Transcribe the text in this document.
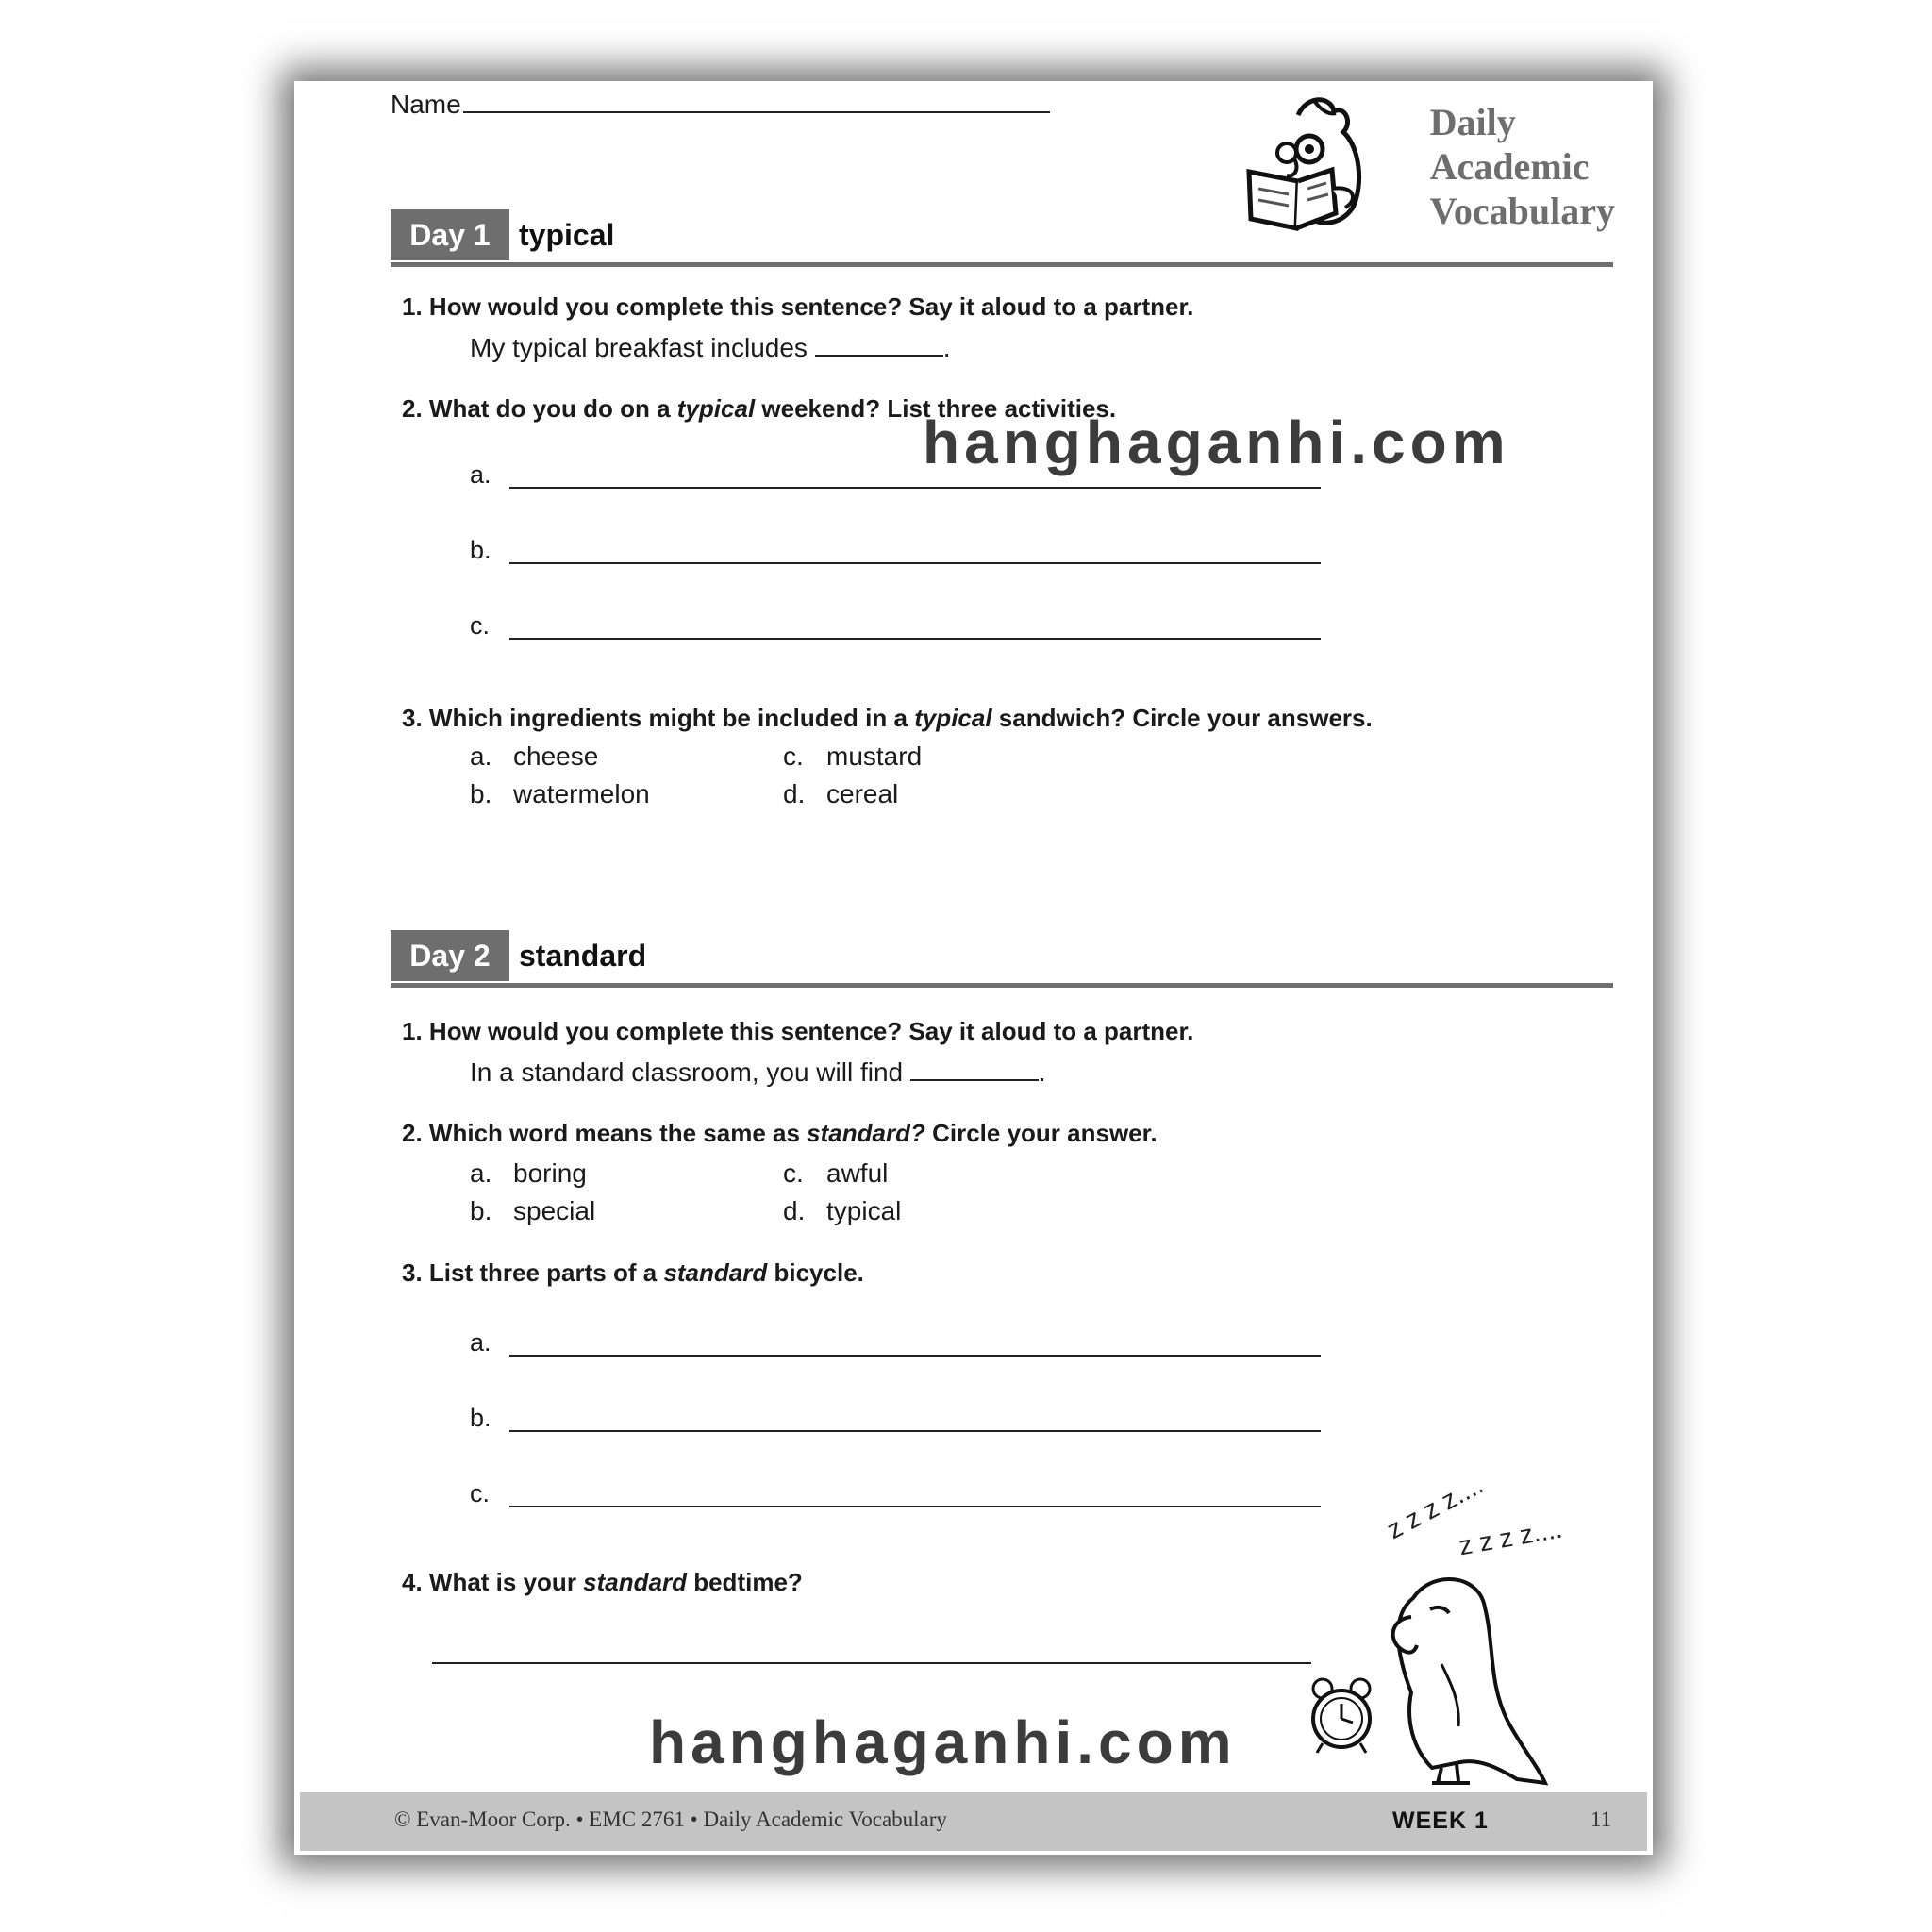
Name	Daily
Academic
Vocabulary
Day 1 typical
1. How would you complete this sentence? Say it aloud to a partner.
My typical breakfast includes	.
2. What do you do on a typical weekend? List three activities.
a.
b.
c.
3. Which ingredients might be included in a typical sandwich? Circle your answers.
a. cheese
b. watermelon
c. mustard
d. cereal
Day 2 standard
1. How would you complete this sentence? Say it aloud to a partner.
In a standard classroom, you will find	.
2. Which word means the same as standard? Circle your answer.
a. boring
b. special
c. awful
d. typical
3. List three parts of a standard bicycle.
a.
b.
c.
4. What is your standard bedtime?
z z z z....
z z z z....
© Evan-Moor Corp. • EMC 2761 • Daily Academic Vocabulary	WEEK 1	11
hanghaganhi.com
hanghaganhi.com
